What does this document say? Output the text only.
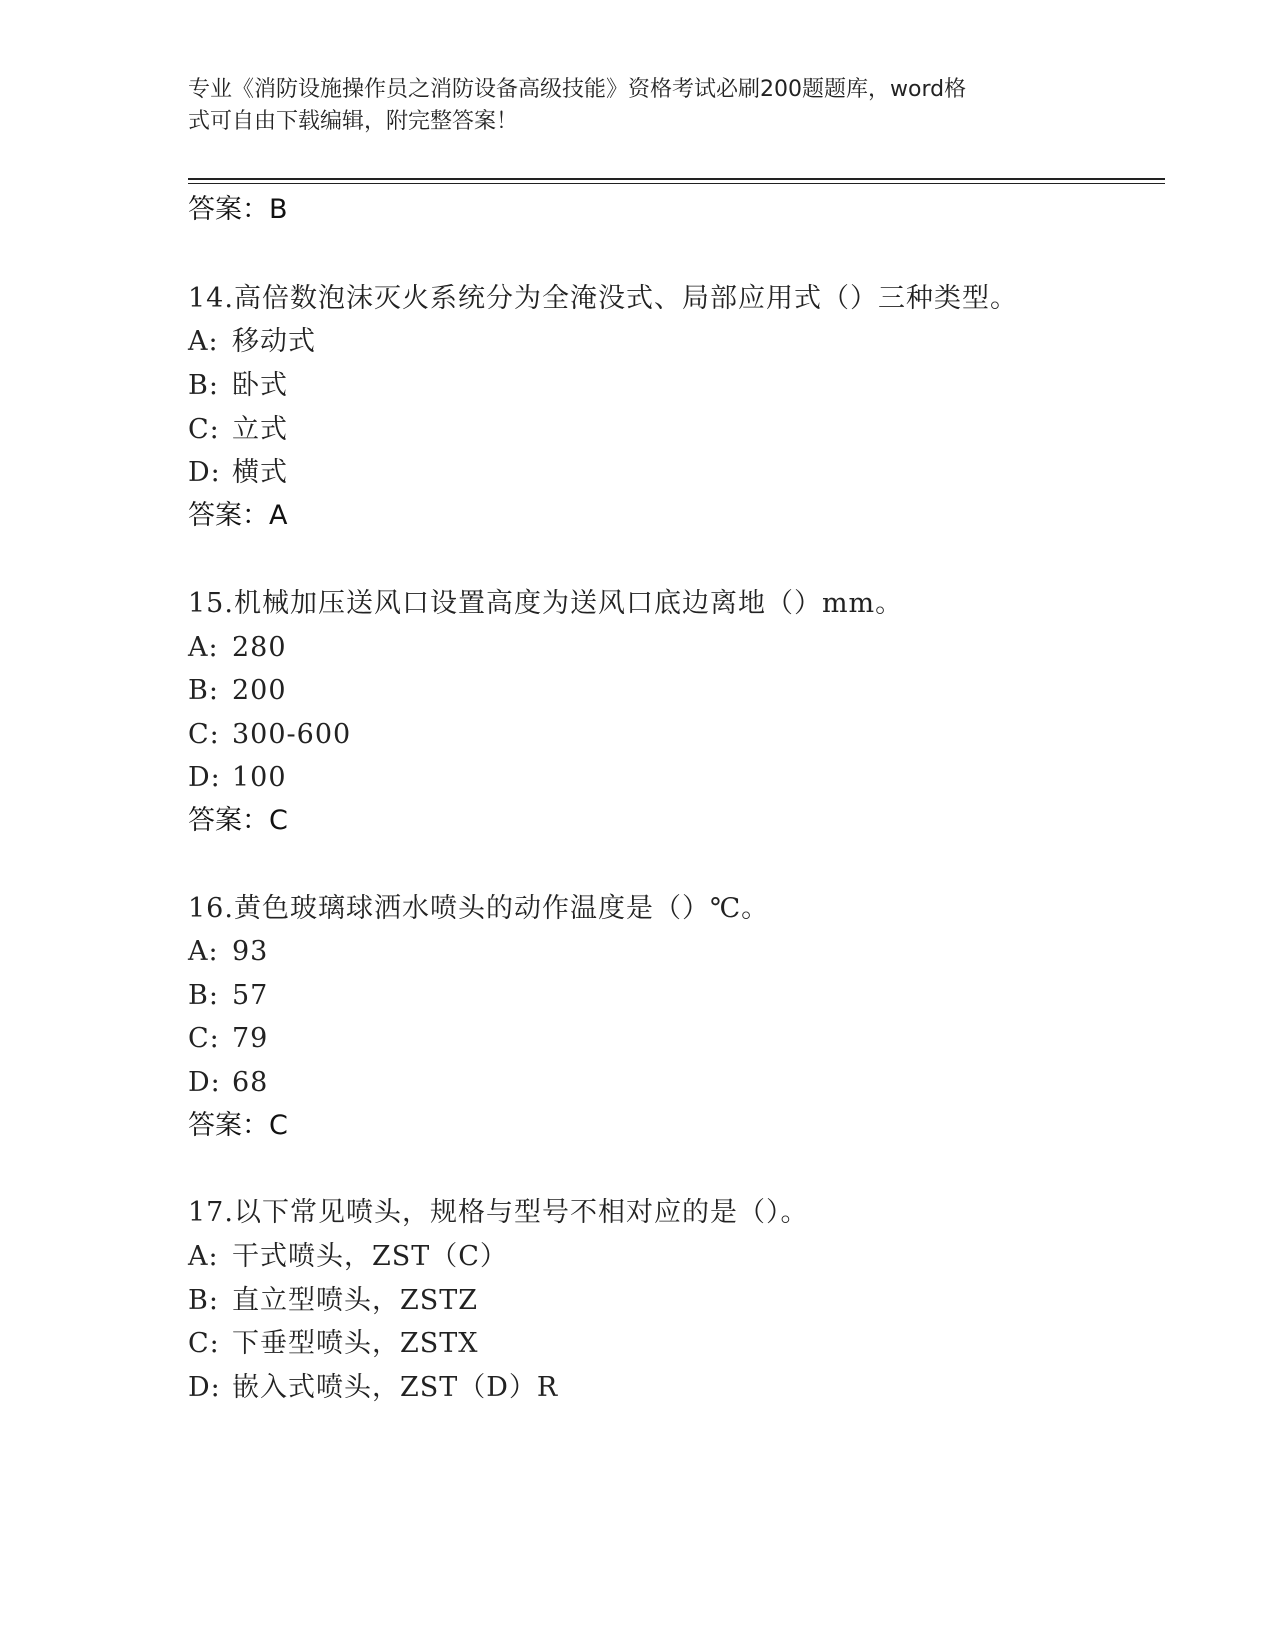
专业《消防设施操作员之消防设备高级技能》资格考试必刷200题题库，word格
式可自由下载编辑，附完整答案！
答案：B
14.高倍数泡沫灭火系统分为全淹没式、局部应用式（）三种类型。
A: 移动式
B: 卧式
C: 立式
D: 横式
答案：A
15.机械加压送风口设置高度为送风口底边离地（）mm。
A: 280
B: 200
C: 300-600
D: 100
答案：C
16.黄色玻璃球洒水喷头的动作温度是（）℃。
A: 93
B: 57
C: 79
D: 68
答案：C
17.以下常见喷头，规格与型号不相对应的是（）。
A: 干式喷头，ZST（C）
B: 直立型喷头，ZSTZ
C: 下垂型喷头，ZSTX
D: 嵌入式喷头，ZST（D）R
